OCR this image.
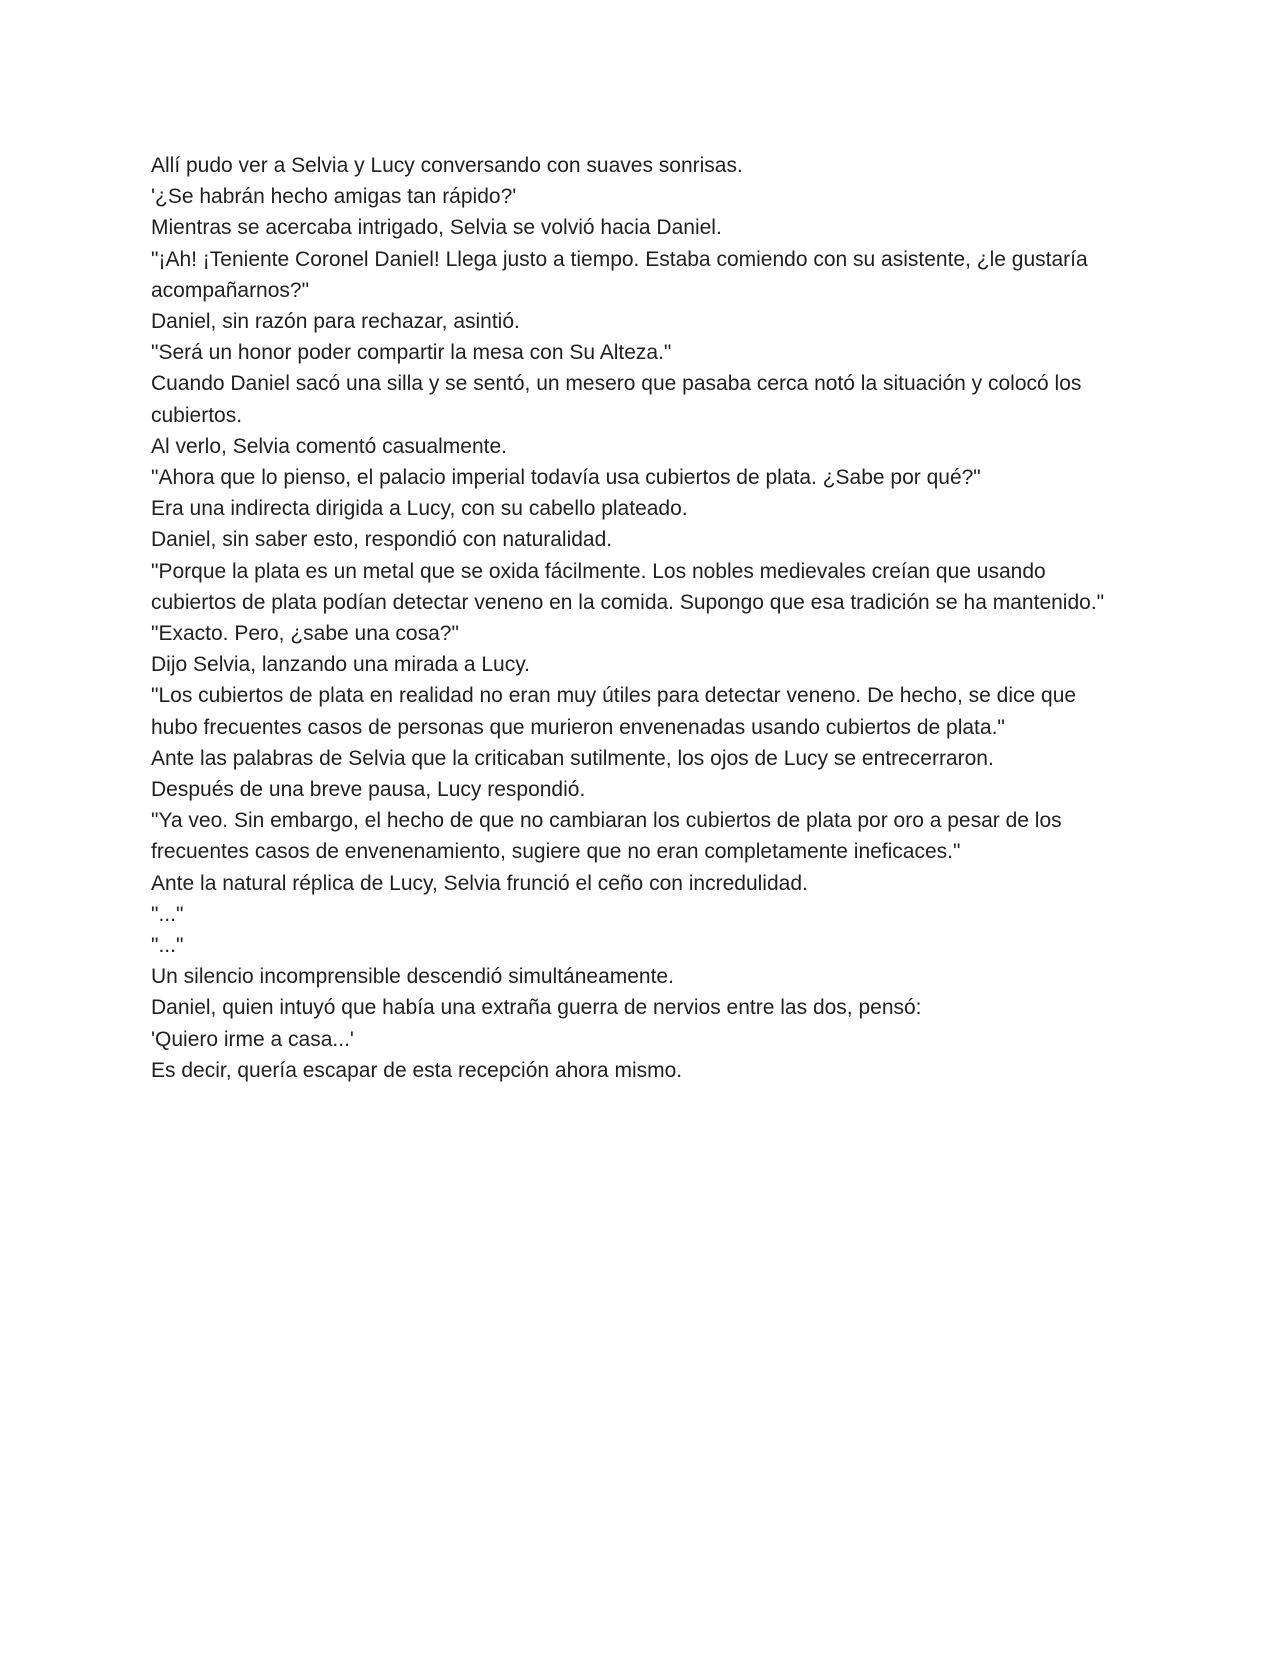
Allí pudo ver a Selvia y Lucy conversando con suaves sonrisas.

'¿Se habrán hecho amigas tan rápido?'

Mientras se acercaba intrigado, Selvia se volvió hacia Daniel.

"¡Ah! ¡Teniente Coronel Daniel! Llega justo a tiempo. Estaba comiendo con su asistente, ¿le gustaría acompañarnos?"

Daniel, sin razón para rechazar, asintió.

"Será un honor poder compartir la mesa con Su Alteza."

Cuando Daniel sacó una silla y se sentó, un mesero que pasaba cerca notó la situación y colocó los cubiertos.

Al verlo, Selvia comentó casualmente.

"Ahora que lo pienso, el palacio imperial todavía usa cubiertos de plata. ¿Sabe por qué?"

Era una indirecta dirigida a Lucy, con su cabello plateado.

Daniel, sin saber esto, respondió con naturalidad.

"Porque la plata es un metal que se oxida fácilmente. Los nobles medievales creían que usando cubiertos de plata podían detectar veneno en la comida. Supongo que esa tradición se ha mantenido."

"Exacto. Pero, ¿sabe una cosa?"

Dijo Selvia, lanzando una mirada a Lucy.

"Los cubiertos de plata en realidad no eran muy útiles para detectar veneno. De hecho, se dice que hubo frecuentes casos de personas que murieron envenenadas usando cubiertos de plata."

Ante las palabras de Selvia que la criticaban sutilmente, los ojos de Lucy se entrecerraron.

Después de una breve pausa, Lucy respondió.

"Ya veo. Sin embargo, el hecho de que no cambiaran los cubiertos de plata por oro a pesar de los frecuentes casos de envenenamiento, sugiere que no eran completamente ineficaces."

Ante la natural réplica de Lucy, Selvia frunció el ceño con incredulidad.

"..."

"..."

Un silencio incomprensible descendió simultáneamente.

Daniel, quien intuyó que había una extraña guerra de nervios entre las dos, pensó:

'Quiero irme a casa...'

Es decir, quería escapar de esta recepción ahora mismo.
